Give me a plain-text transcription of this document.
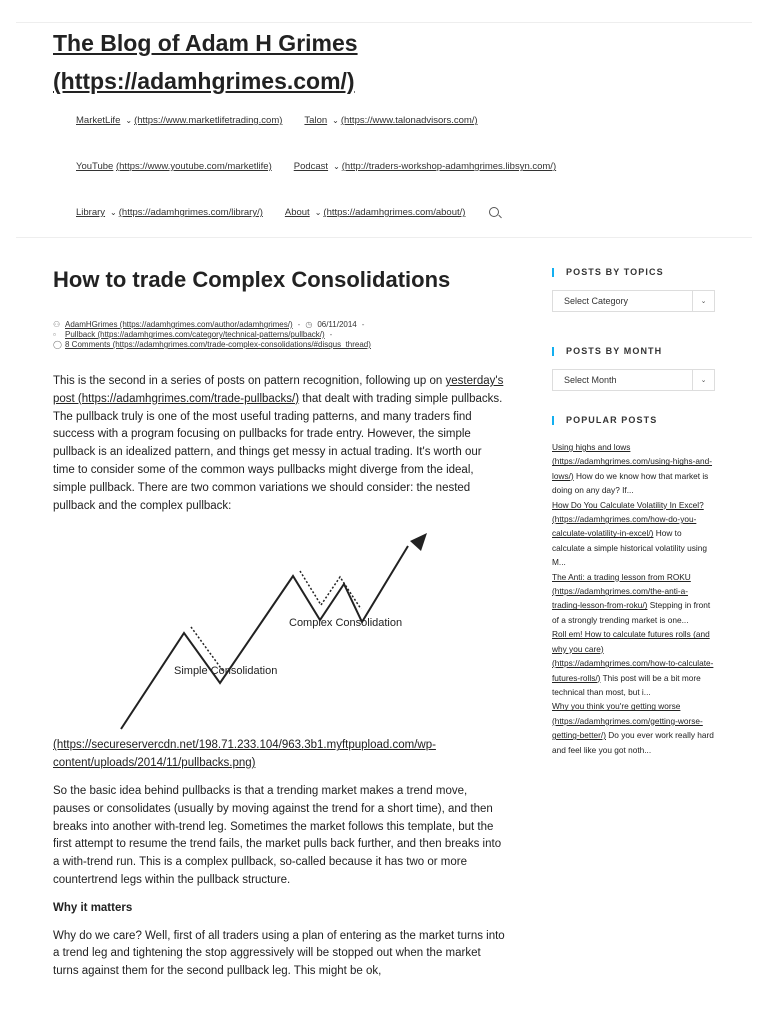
The Blog of Adam H Grimes
(https://adamhgrimes.com/)
MarketLife ⌄ (https://www.marketlifetrading.com) Talon ⌄ (https://www.talonadvisors.com/)
YouTube
(https://www.youtube.com/marketlife) Podcast ⌄ (http://traders-workshop-adamhgrimes.libsyn.com/)
Library ⌄ (https://adamhgrimes.com/library/) About ⌄ (https://adamhgrimes.com/about/)
How to trade Complex Consolidations
⚇ AdamHGrimes (https://adamhgrimes.com/author/adamhgrimes/) - ◷ 06/11/2014 -
▫	Pullback (https://adamhgrimes.com/category/technical-patterns/pullback/) -
◯ 8 Comments (https://adamhgrimes.com/trade-complex-consolidations/#disqus_thread)

This is the second in a series of posts on pattern recognition, following up on yesterday's post (https://adamhgrimes.com/trade-pullbacks/) that dealt with trading simple pullbacks. The pullback truly is one of the most useful trading patterns, and many traders find success with a program focusing on pullbacks for trade entry. However, the simple pullback is an idealized pattern, and things get messy in actual trading. It's worth our time to consider some of the common ways pullbacks might diverge from the ideal, simple pullback. There are two common variations we should consider: the nested pullback and the complex pullback:

Simple Consolidation
Complex Consolidation

(https://secureservercdn.net/198.71.233.104/963.3b1.myftpupload.com/wp-content/uploads/2014/11/pullbacks.png)

So the basic idea behind pullbacks is that a trending market makes a trend move, pauses or consolidates (usually by moving against the trend for a short time), and then breaks into another with-trend leg. Sometimes the market follows this template, but the first attempt to resume the trend fails, the market pulls back further, and then breaks into a with-trend run. This is a complex pullback, so-called because it has two or more countertrend legs within the pullback structure.

Why it matters

Why do we care? Well, first of all traders using a plan of entering as the market turns into a trend leg and tightening the stop aggressively will be stopped out when the market turns against them for the second pullback leg. This might be ok,

POSTS BY TOPICS
Select Category	⌄
POSTS BY MONTH
Select Month	⌄
POPULAR POSTS

Using highs and lows (https://adamhgrimes.com/using-highs-and-lows/) How do we know how that market is doing on any day? If...

How Do You Calculate Volatility In Excel? (https://adamhgrimes.com/how-do-you-calculate-volatility-in-excel/) How to calculate a simple historical volatility using M...

The Anti: a trading lesson from ROKU (https://adamhgrimes.com/the-anti-a-trading-lesson-from-roku/) Stepping in front of a strongly trending market is one...

Roll em! How to calculate futures rolls (and why you care) (https://adamhgrimes.com/how-to-calculate-futures-rolls/) This post will be a bit more technical than most, but i...

Why you think you're getting worse (https://adamhgrimes.com/getting-worse-getting-better/) Do you ever work really hard and feel like you got noth...
